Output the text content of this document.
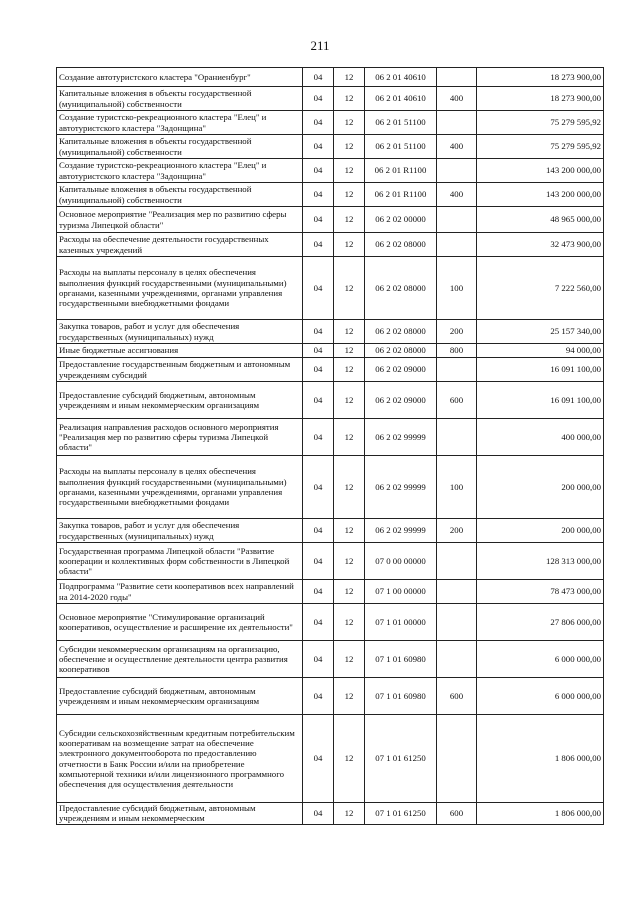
211
Создание автотуристского кластера "Ораниенбург"	04	12	06 2 01 40610		18 273 900,00
Капитальные вложения в объекты государственной (муниципальной) собственности	04	12	06 2 01 40610	400	18 273 900,00
Создание туристско-рекреационного кластера "Елец" и автотуристского кластера "Задонщина"	04	12	06 2 01 51100		75 279 595,92
Капитальные вложения в объекты государственной (муниципальной) собственности	04	12	06 2 01 51100	400	75 279 595,92
Создание туристско-рекреационного кластера "Елец" и автотуристского кластера "Задонщина"	04	12	06 2 01 R1100		143 200 000,00
Капитальные вложения в объекты государственной (муниципальной) собственности	04	12	06 2 01 R1100	400	143 200 000,00
Основное мероприятие "Реализация мер по развитию сферы туризма Липецкой области"	04	12	06 2 02 00000		48 965 000,00
Расходы на обеспечение деятельности государственных казенных учреждений	04	12	06 2 02 08000		32 473 900,00
Расходы на выплаты персоналу в целях обеспечения выполнения функций государственными (муниципальными) органами, казенными учреждениями, органами управления государственными внебюджетными фондами	04	12	06 2 02 08000	100	7 222 560,00
Закупка товаров, работ и услуг для обеспечения государственных (муниципальных) нужд	04	12	06 2 02 08000	200	25 157 340,00
Иные бюджетные ассигнования	04	12	06 2 02 08000	800	94 000,00
Предоставление государственным бюджетным и автономным учреждениям субсидий	04	12	06 2 02 09000		16 091 100,00
Предоставление субсидий бюджетным, автономным учреждениям и иным некоммерческим организациям	04	12	06 2 02 09000	600	16 091 100,00
Реализация направления расходов основного мероприятия "Реализация мер по развитию сферы туризма Липецкой области"	04	12	06 2 02 99999		400 000,00
Расходы на выплаты персоналу в целях обеспечения выполнения функций государственными (муниципальными) органами, казенными учреждениями, органами управления государственными внебюджетными фондами	04	12	06 2 02 99999	100	200 000,00
Закупка товаров, работ и услуг для обеспечения государственных (муниципальных) нужд	04	12	06 2 02 99999	200	200 000,00
Государственная программа Липецкой области "Развитие кооперации и коллективных форм собственности в Липецкой области"	04	12	07 0 00 00000		128 313 000,00
Подпрограмма "Развитие сети кооперативов всех направлений на 2014-2020 годы"	04	12	07 1 00 00000		78 473 000,00
Основное мероприятие "Стимулирование организаций кооперативов, осуществление и расширение их деятельности"	04	12	07 1 01 00000		27 806 000,00
Субсидии некоммерческим организациям на организацию, обеспечение и осуществление деятельности центра развития кооперативов	04	12	07 1 01 60980		6 000 000,00
Предоставление субсидий бюджетным, автономным учреждениям и иным некоммерческим организациям	04	12	07 1 01 60980	600	6 000 000,00
Субсидии сельскохозяйственным кредитным потребительским кооперативам на возмещение затрат на обеспечение электронного документооборота по предоставлению отчетности в Банк России и/или на приобретение компьютерной техники и/или лицензионного программного обеспечения для осуществления деятельности	04	12	07 1 01 61250		1 806 000,00
Предоставление субсидий бюджетным, автономным учреждениям и иным некоммерческим	04	12	07 1 01 61250	600	1 806 000,00
